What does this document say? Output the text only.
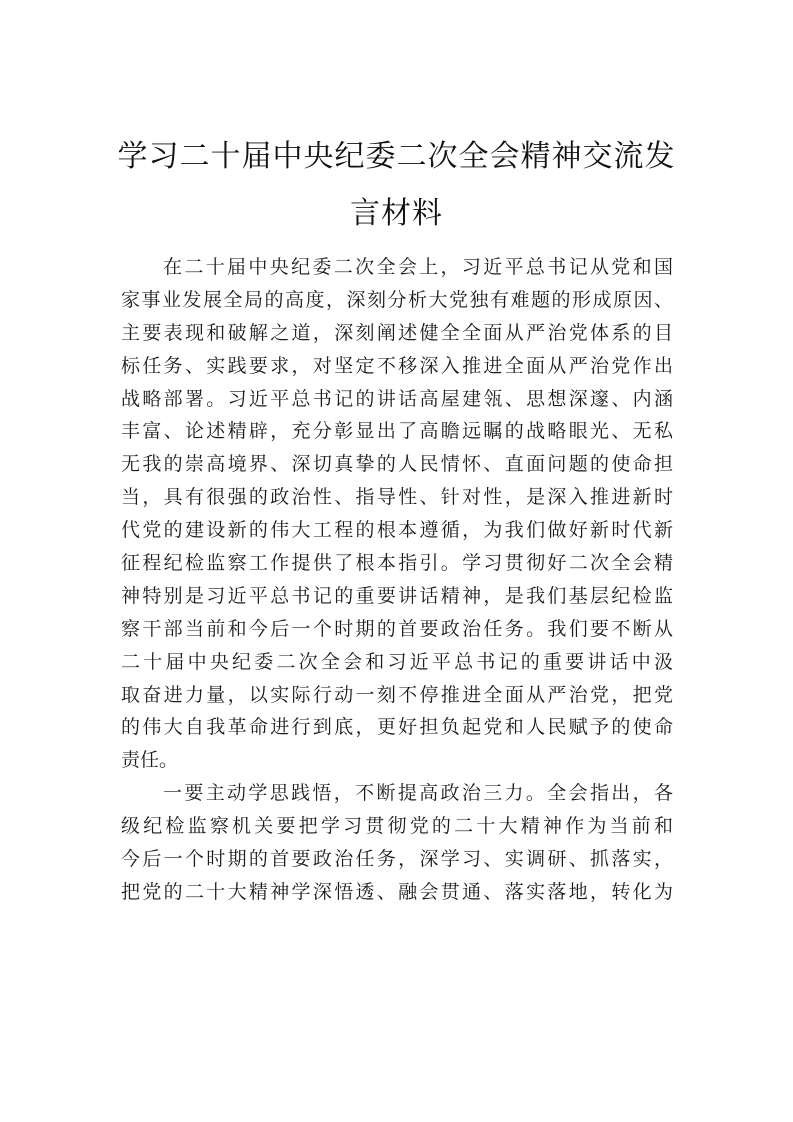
学习二十届中央纪委二次全会精神交流发
言材料
在二十届中央纪委二次全会上，习近平总书记从党和国
家事业发展全局的高度，深刻分析大党独有难题的形成原因、
主要表现和破解之道，深刻阐述健全全面从严治党体系的目
标任务、实践要求，对坚定不移深入推进全面从严治党作出
战略部署。习近平总书记的讲话高屋建瓴、思想深邃、内涵
丰富、论述精辟，充分彰显出了高瞻远瞩的战略眼光、无私
无我的崇高境界、深切真挚的人民情怀、直面问题的使命担
当，具有很强的政治性、指导性、针对性，是深入推进新时
代党的建设新的伟大工程的根本遵循，为我们做好新时代新
征程纪检监察工作提供了根本指引。学习贯彻好二次全会精
神特别是习近平总书记的重要讲话精神，是我们基层纪检监
察干部当前和今后一个时期的首要政治任务。我们要不断从
二十届中央纪委二次全会和习近平总书记的重要讲话中汲
取奋进力量，以实际行动一刻不停推进全面从严治党，把党
的伟大自我革命进行到底，更好担负起党和人民赋予的使命
责任。
一要主动学思践悟，不断提高政治三力。全会指出，各
级纪检监察机关要把学习贯彻党的二十大精神作为当前和
今后一个时期的首要政治任务，深学习、实调研、抓落实，
把党的二十大精神学深悟透、融会贯通、落实落地，转化为
